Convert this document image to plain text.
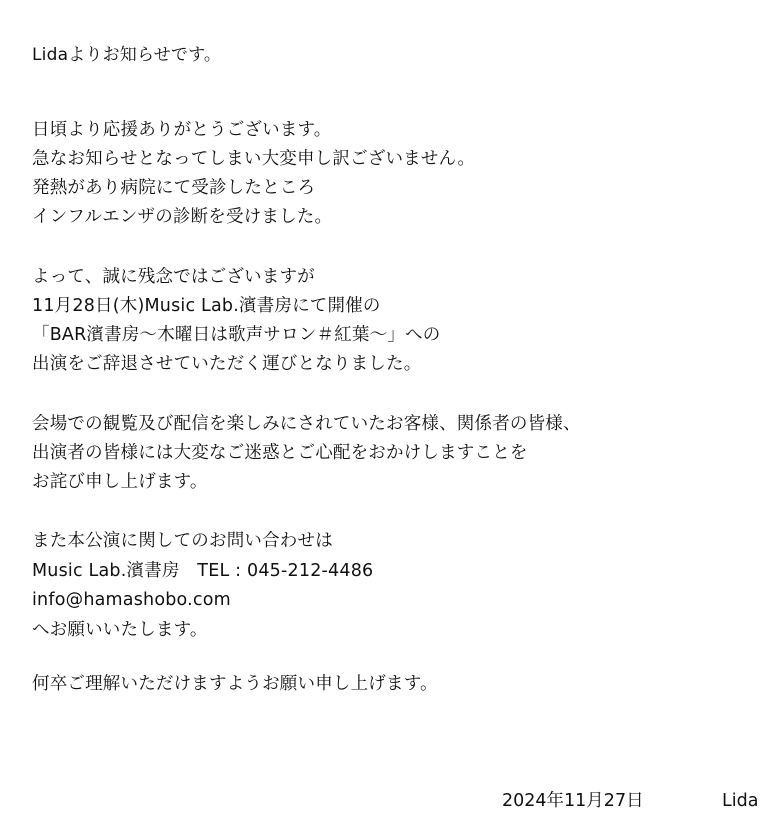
Lidaよりお知らせです。
日頃より応援ありがとうございます。
急なお知らせとなってしまい大変申し訳ございません。
発熱があり病院にて受診したところ
インフルエンザの診断を受けました。
よって、誠に残念ではございますが
11月28日(木)Music Lab.濱書房にて開催の
「BAR濱書房〜木曜日は歌声サロン＃紅葉〜」への
出演をご辞退させていただく運びとなりました。
会場での観覧及び配信を楽しみにされていたお客様、関係者の皆様、
出演者の皆様には大変なご迷惑とご心配をおかけしますことを
お詫び申し上げます。
また本公演に関してのお問い合わせは
Music Lab.濱書房　TEL : 045-212-4486
info@hamashobo.com
へお願いいたします。
何卒ご理解いただけますようお願い申し上げます。
2024年11月27日	Lida
